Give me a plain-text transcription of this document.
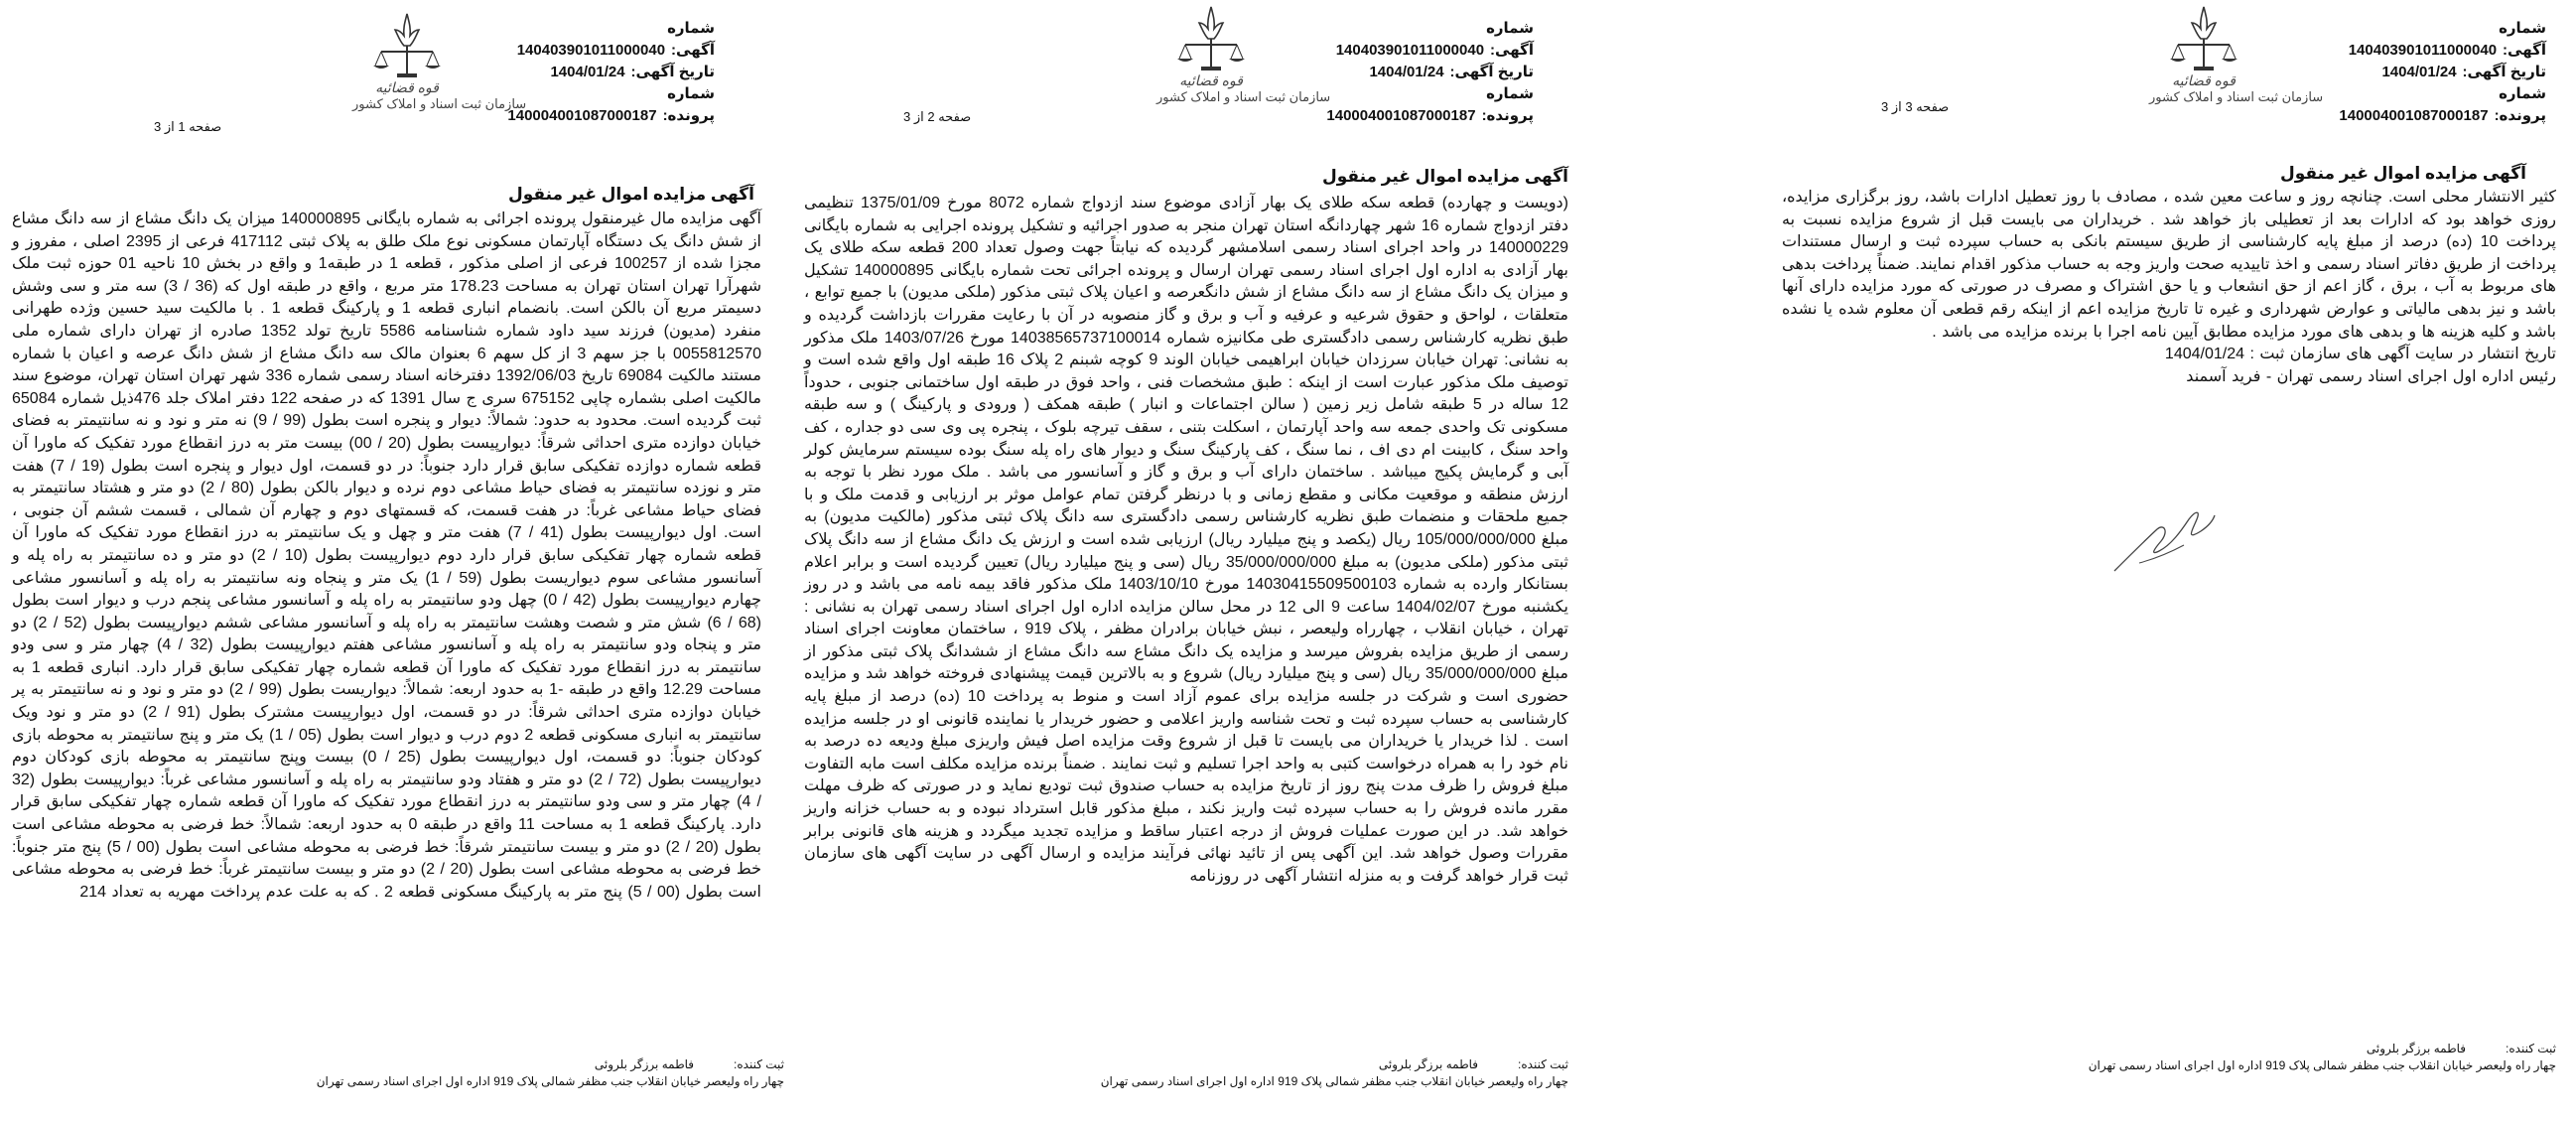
قوه قضائیه
سازمان ثبت اسناد و املاک کشور
شماره آگهی:140403901011000040
تاریخ آگهی:1404/01/24
شماره پرونده:140004001087000187
صفحه 1 از 3
آگهی مزایده اموال غیر منقول
آگهی مزایده مال غیرمنقول پرونده اجرائی به شماره بایگانی 140000895 میزان یک دانگ مشاع از سه دانگ مشاع از شش دانگ یک دستگاه آپارتمان مسکونی نوع ملک طلق به پلاک ثبتی 417112 فرعی از 2395 اصلی ، مفروز و مجزا شده از 100257 فرعی از اصلی مذکور ، قطعه 1 در طبقه1 و واقع در بخش 10 ناحیه 01 حوزه ثبت ملک شهرآرا تهران استان تهران به مساحت 178.23 متر مربع ، واقع در طبقه اول که (36 / 3) سه متر و سی وشش دسیمتر مربع آن بالکن است. بانضمام انباری قطعه 1 و پارکینگ قطعه 1 . با مالکیت سید حسین وژده طهرانی منفرد (مدیون) فرزند سید داود شماره شناسنامه 5586 تاریخ تولد 1352 صادره از تهران دارای شماره ملی 0055812570 با جز سهم 3 از کل سهم 6 بعنوان مالک سه دانگ مشاع از شش دانگ عرصه و اعیان با شماره مستند مالکیت 69084 تاریخ 1392/06/03 دفترخانه اسناد رسمی شماره 336 شهر تهران استان تهران، موضوع سند مالکیت اصلی بشماره چاپی 675152 سری ج سال 1391 که در صفحه 122 دفتر املاک جلد 476ذیل شماره 65084 ثبت گردیده است. محدود به حدود: شمالاً: دیوار و پنجره است بطول (99 / 9) نه متر و نود و نه سانتیمتر به فضای خیابان دوازده متری احداثی شرقاً: دیوارپیست بطول (20 / 00) بیست متر به درز انقطاع مورد تفکیک که ماورا آن قطعه شماره دوازده تفکیکی سابق قرار دارد جنوباً: در دو قسمت، اول دیوار و پنجره است بطول (19 / 7) هفت متر و نوزده سانتیمتر به فضای حیاط مشاعی دوم نرده و دیوار بالکن بطول (80 / 2) دو متر و هشتاد سانتیمتر به فضای حیاط مشاعی غرباً: در هفت قسمت، که قسمتهای دوم و چهارم آن شمالی ، قسمت ششم آن جنوبی ، است. اول دیوارپیست بطول (41 / 7) هفت متر و چهل و یک سانتیمتر به درز انقطاع مورد تفکیک که ماورا آن قطعه شماره چهار تفکیکی سابق قرار دارد دوم دیوارپیست بطول (10 / 2) دو متر و ده سانتیمتر به راه پله و آسانسور مشاعی سوم دیواریست بطول (59 / 1) یک متر و پنجاه ونه سانتیمتر به راه پله و آسانسور مشاعی چهارم دیوارپیست بطول (42 / 0) چهل ودو سانتیمتر به راه پله و آسانسور مشاعی پنجم درب و دیوار است بطول (68 / 6) شش متر و شصت وهشت سانتیمتر به راه پله و آسانسور مشاعی ششم دیوارپیست بطول (52 / 2) دو متر و پنجاه ودو سانتیمتر به راه پله و آسانسور مشاعی هفتم دیوارپیست بطول (32 / 4) چهار متر و سی ودو سانتیمتر به درز انقطاع مورد تفکیک که ماورا آن قطعه شماره چهار تفکیکی سابق قرار دارد. انباری قطعه 1 به مساحت 12.29 واقع در طبقه -1 به حدود اربعه: شمالاً: دیواریست بطول (99 / 2) دو متر و نود و نه سانتیمتر به پر خیابان دوازده متری احداثی شرقاً: در دو قسمت، اول دیوارپیست مشترک بطول (91 / 2) دو متر و نود ویک سانتیمتر به انباری مسکونی قطعه 2 دوم درب و دیوار است بطول (05 / 1) یک متر و پنج سانتیمتر به محوطه بازی کودکان جنوباً: دو قسمت، اول دیوارپیست بطول (25 / 0) بیست وپنج سانتیمتر به محوطه بازی کودکان دوم دیوارپیست بطول (72 / 2) دو متر و هفتاد ودو سانتیمتر به راه پله و آسانسور مشاعی غرباً: دیوارپیست بطول (32 / 4) چهار متر و سی ودو سانتیمتر به درز انقطاع مورد تفکیک که ماورا آن قطعه شماره چهار تفکیکی سابق قرار دارد. پارکینگ قطعه 1 به مساحت 11 واقع در طبقه 0 به حدود اربعه: شمالاً: خط فرضی به محوطه مشاعی است بطول (20 / 2) دو متر و بیست سانتیمتر شرقاً: خط فرضی به محوطه مشاعی است بطول (00 / 5) پنج متر جنوباً: خط فرضی به محوطه مشاعی است بطول (20 / 2) دو متر و بیست سانتیمتر غرباً: خط فرضی به محوطه مشاعی است بطول (00 / 5) پنج متر به پارکینگ مسکونی قطعه 2 . که به علت عدم پرداخت مهریه به تعداد 214
ثبت کننده:فاطمه برزگر بلروئی
چهار راه ولیعصر خیابان انقلاب جنب مظفر شمالی پلاک 919 اداره اول اجرای اسناد رسمی تهران
قوه قضائیه
سازمان ثبت اسناد و املاک کشور
شماره آگهی:140403901011000040
تاریخ آگهی:1404/01/24
شماره پرونده:140004001087000187
صفحه 2 از 3
آگهی مزایده اموال غیر منقول
(دویست و چهارده) قطعه سکه طلای یک بهار آزادی موضوع سند ازدواج شماره 8072 مورخ 1375/01/09 تنظیمی دفتر ازدواج شماره 16 شهر چهاردانگه استان تهران منجر به صدور اجرائیه و تشکیل پرونده اجرایی به شماره بایگانی 140000229 در واحد اجرای اسناد رسمی اسلامشهر گردیده که نیابتاً جهت وصول تعداد 200 قطعه سکه طلای یک بهار آزادی به اداره اول اجرای اسناد رسمی تهران ارسال و پرونده اجرائی تحت شماره بایگانی 140000895 تشکیل و میزان یک دانگ مشاع از سه دانگ مشاع از شش دانگعرصه و اعیان پلاک ثبتی مذکور (ملکی مدیون) با جمیع توابع ، متعلقات ، لواحق و حقوق شرعیه و عرفیه و آب و برق و گاز منصوبه در آن با رعایت مقررات بازداشت گردیده و طبق نظریه کارشناس رسمی دادگستری طی مکانیزه شماره 14038565737100014 مورخ 1403/07/26 ملک مذکور به نشانی: تهران خیابان سرزدان خیابان ابراهیمی خیابان الوند 9 کوچه شبنم 2 پلاک 16 طبقه اول واقع شده است و توصیف ملک مذکور عبارت است از اینکه : طبق مشخصات فنی ، واحد فوق در طبقه اول ساختمانی جنوبی ، حدوداً 12 ساله در 5 طبقه شامل زیر زمین ( سالن اجتماعات و انبار ) طبقه همکف ( ورودی و پارکینگ ) و سه طبقه مسکونی تک واحدی جمعه سه واحد آپارتمان ، اسکلت بتنی ، سقف تیرچه بلوک ، پنجره پی وی سی دو جداره ، کف واحد سنگ ، کابینت ام دی اف ، نما سنگ ، کف پارکینگ سنگ و دیوار های راه پله سنگ بوده سیستم سرمایش کولر آبی و گرمایش پکیج میباشد . ساختمان دارای آب و برق و گاز و آسانسور می باشد . ملک مورد نظر با توجه به ارزش منطقه و موقعیت مکانی و مقطع زمانی و با درنظر گرفتن تمام عوامل موثر بر ارزیابی و قدمت ملک و با جمیع ملحقات و منضمات طبق نظریه کارشناس رسمی دادگستری سه دانگ پلاک ثبتی مذکور (مالکیت مدیون) به مبلغ 105/000/000/000 ریال (یکصد و پنج میلیارد ریال) ارزیابی شده است و ارزش یک دانگ مشاع از سه دانگ پلاک ثبتی مذکور (ملکی مدیون) به مبلغ 35/000/000/000 ریال (سی و پنج میلیارد ریال) تعیین گردیده است و برابر اعلام بستانکار وارده به شماره 14030415509500103 مورخ 1403/10/10 ملک مذکور فاقد بیمه نامه می باشد و در روز یکشنبه مورخ 1404/02/07 ساعت 9 الی 12 در محل سالن مزایده اداره اول اجرای اسناد رسمی تهران به نشانی : تهران ، خیابان انقلاب ، چهارراه ولیعصر ، نبش خیابان برادران مظفر ، پلاک 919 ، ساختمان معاونت اجرای اسناد رسمی از طریق مزایده بفروش میرسد و مزایده یک دانگ مشاع سه دانگ مشاع از ششدانگ پلاک ثبتی مذکور از مبلغ 35/000/000/000 ریال (سی و پنج میلیارد ریال) شروع و به بالاترین قیمت پیشنهادی فروخته خواهد شد و مزایده حضوری است و شرکت در جلسه مزایده برای عموم آزاد است و منوط به پرداخت 10 (ده) درصد از مبلغ پایه کارشناسی به حساب سپرده ثبت و تحت شناسه واریز اعلامی و حضور خریدار یا نماینده قانونی او در جلسه مزایده است . لذا خریدار یا خریداران می بایست تا قبل از شروع وقت مزایده اصل فیش واریزی مبلغ ودیعه ده درصد به نام خود را به همراه درخواست کتبی به واحد اجرا تسلیم و ثبت نمایند . ضمناً برنده مزایده مکلف است مابه التفاوت مبلغ فروش را ظرف مدت پنج روز از تاریخ مزایده به حساب صندوق ثبت تودیع نماید و در صورتی که ظرف مهلت مقرر مانده فروش را به حساب سپرده ثبت واریز نکند ، مبلغ مذکور قابل استرداد نبوده و به حساب خزانه واریز خواهد شد. در این صورت عملیات فروش از درجه اعتبار ساقط و مزایده تجدید میگردد و هزینه های قانونی برابر مقررات وصول خواهد شد. این آگهی پس از تائید نهائی فرآیند مزایده و ارسال آگهی در سایت آگهی های سازمان ثبت قرار خواهد گرفت و به منزله انتشار آگهی در روزنامه
ثبت کننده:فاطمه برزگر بلروئی
چهار راه ولیعصر خیابان انقلاب جنب مظفر شمالی پلاک 919 اداره اول اجرای اسناد رسمی تهران
قوه قضائیه
سازمان ثبت اسناد و املاک کشور
شماره آگهی:140403901011000040
تاریخ آگهی:1404/01/24
شماره پرونده:140004001087000187
صفحه 3 از 3
آگهی مزایده اموال غیر منقول
کثیر الانتشار محلی است. چنانچه روز و ساعت معین شده ، مصادف با روز تعطیل ادارات باشد، روز برگزاری مزایده، روزی خواهد بود که ادارات بعد از تعطیلی باز خواهد شد . خریداران می بایست قبل از شروع مزایده نسبت به پرداخت 10 (ده) درصد از مبلغ پایه کارشناسی از طریق سیستم بانکی به حساب سپرده ثبت و ارسال مستندات پرداخت از طریق دفاتر اسناد رسمی و اخذ تاییدیه صحت واریز وجه به حساب مذکور اقدام نمایند. ضمناً پرداخت بدهی های مربوط به آب ، برق ، گاز اعم از حق انشعاب و یا حق اشتراک و مصرف در صورتی که مورد مزایده دارای آنها باشد و نیز بدهی مالیاتی و عوارض شهرداری و غیره تا تاریخ مزایده اعم از اینکه رقم قطعی آن معلوم شده یا نشده باشد و کلیه هزینه ها و بدهی های مورد مزایده مطابق آیین نامه اجرا با برنده مزایده می باشد .
تاریخ انتشار در سایت آگهی های سازمان ثبت : 1404/01/24
رئیس اداره اول اجرای اسناد رسمی تهران - فرید آسمند
ثبت کننده:فاطمه برزگر بلروئی
چهار راه ولیعصر خیابان انقلاب جنب مظفر شمالی پلاک 919 اداره اول اجرای اسناد رسمی تهران
